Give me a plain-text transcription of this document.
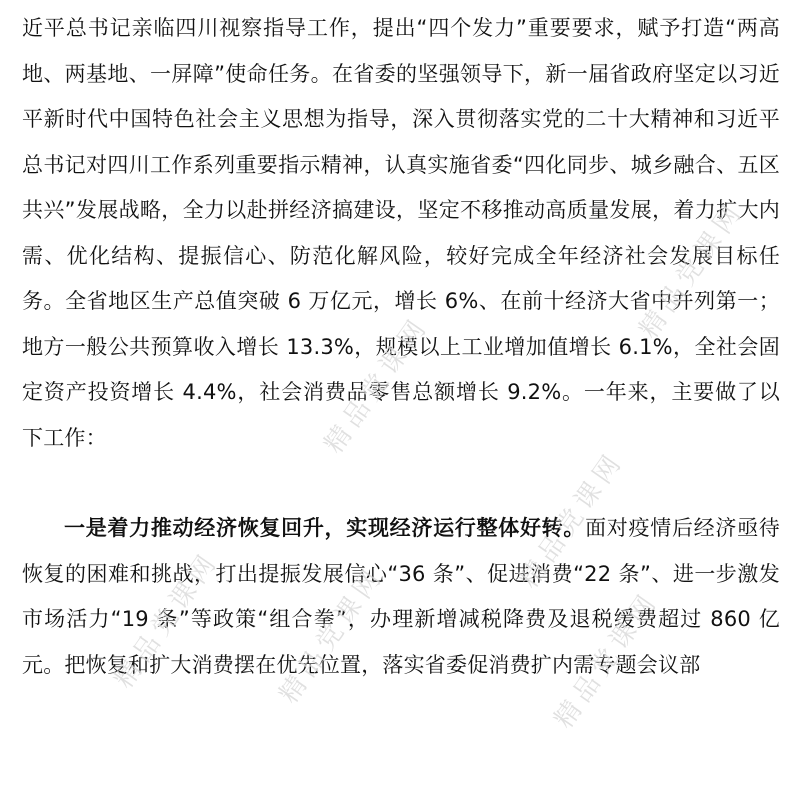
近平总书记亲临四川视察指导工作，提出“四个发力”重要要求，赋予打造“两高地、两基地、一屏障”使命任务。在省委的坚强领导下，新一届省政府坚定以习近平新时代中国特色社会主义思想为指导，深入贯彻落实党的二十大精神和习近平总书记对四川工作系列重要指示精神，认真实施省委“四化同步、城乡融合、五区共兴”发展战略，全力以赴拼经济搞建设，坚定不移推动高质量发展，着力扩大内需、优化结构、提振信心、防范化解风险，较好完成全年经济社会发展目标任务。全省地区生产总值突破 6 万亿元，增长 6%、在前十经济大省中并列第一；地方一般公共预算收入增长 13.3%，规模以上工业增加值增长 6.1%，全社会固定资产投资增长 4.4%，社会消费品零售总额增长 9.2%。一年来，主要做了以下工作：

一是着力推动经济恢复回升，实现经济运行整体好转。面对疫情后经济亟待恢复的困难和挑战，打出提振发展信心“36 条”、促进消费“22 条”、进一步激发市场活力“19 条”等政策“组合拳”，办理新增减税降费及退税缓费超过 860 亿元。把恢复和扩大消费摆在优先位置，落实省委促消费扩内需专题会议部

精品党课网
精品党课网
精品党课网
精品党课网 精品党课网	精品党课网
